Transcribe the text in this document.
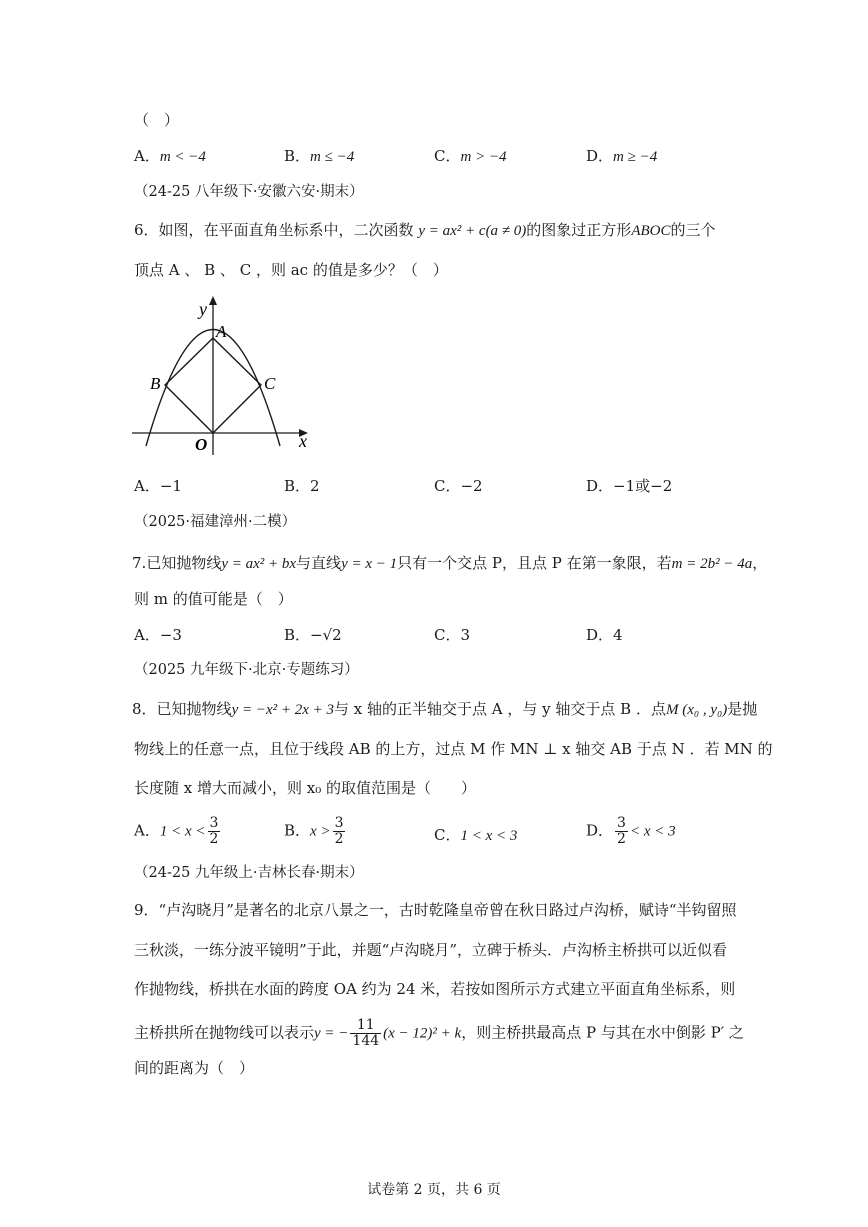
（　）
A．m < −4	B．m ≤ −4	C．m > −4	D．m ≥ −4
（24-25 八年级下·安徽六安·期末）
6．如图，在平面直角坐标系中，二次函数 y = ax² + c(a ≠ 0)的图象过正方形ABOC的三个
顶点 A 、 B 、 C ，则 ac 的值是多少？（　）
y
x
A
B	C
O
A．−1	B．2	C．−2	D．−1或−2
（2025·福建漳州·二模）
7.已知抛物线y = ax² + bx与直线y = x − 1只有一个交点 P，且点 P 在第一象限，若m = 2b² − 4a，
则 m 的值可能是（　）
A．−3	B．−√2	C．3	D．4
（2025 九年级下·北京·专题练习）
8．已知抛物线y = −x² + 2x + 3与 x 轴的正半轴交于点 A ，与 y 轴交于点 B ．点M (x₀ , y₀)是抛
物线上的任意一点，且位于线段 AB 的上方，过点 M 作 MN ⊥ x 轴交 AB 于点 N ．若 MN 的
长度随 x 增大而减小，则 x₀ 的取值范围是（　　）
A．$1 < x < \frac{3}{2}$	B．$x > \frac{3}{2}$	C．1 < x < 3	D． $\frac{3}{2} < x < 3$
（24-25 九年级上·吉林长春·期末）
9．“卢沟晓月”是著名的北京八景之一，古时乾隆皇帝曾在秋日路过卢沟桥，赋诗“半钩留照
三秋淡，一练分波平镜明”于此，并题“卢沟晓月”，立碑于桥头．卢沟桥主桥拱可以近似看
作抛物线，桥拱在水面的跨度 OA 约为 24 米，若按如图所示方式建立平面直角坐标系，则
主桥拱所在抛物线可以表示y = − $\frac{11}{144} (x - 12)^2 + k$，则主桥拱最高点 P 与其在水中倒影 P′ 之
间的距离为（　）
试卷第 2 页，共 6 页
